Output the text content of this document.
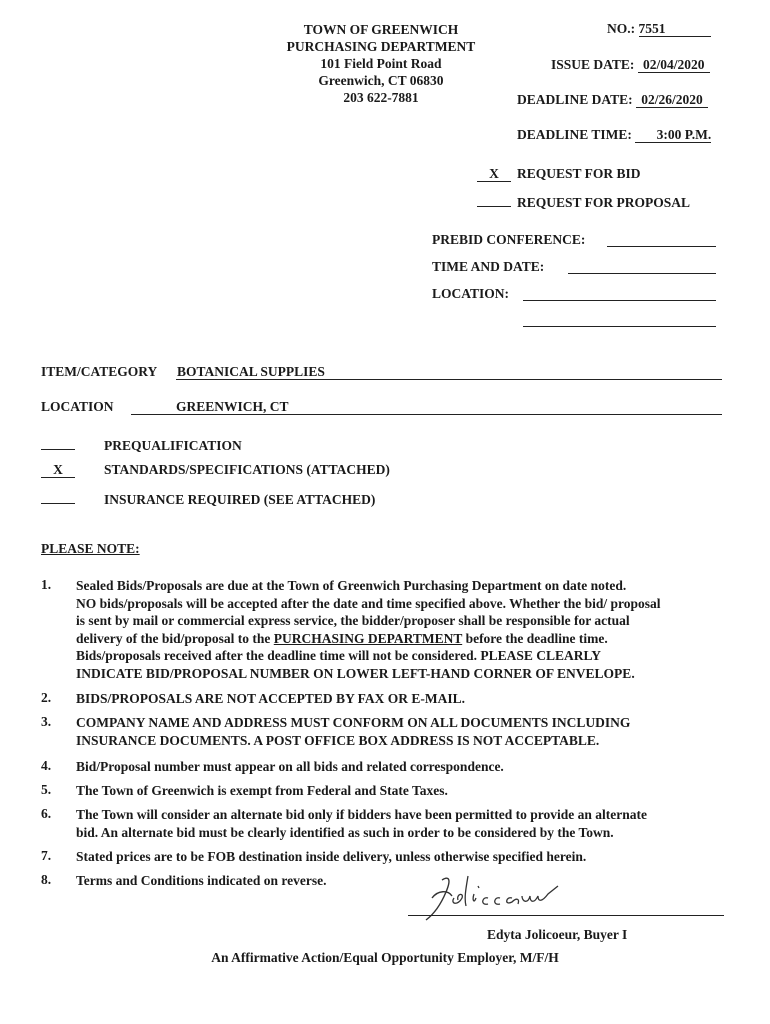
TOWN OF GREENWICH
PURCHASING DEPARTMENT
101 Field Point Road
Greenwich, CT 06830
203 622-7881
NO.: 7551
ISSUE DATE: 02/04/2020
DEADLINE DATE: 02/26/2020
DEADLINE TIME: 3:00 P.M.
X REQUEST FOR BID
REQUEST FOR PROPOSAL
PREBID CONFERENCE:
TIME AND DATE:
LOCATION:
ITEM/CATEGORY BOTANICAL SUPPLIES
LOCATION	GREENWICH, CT
PREQUALIFICATION
X	STANDARDS/SPECIFICATIONS (ATTACHED)
INSURANCE REQUIRED (SEE ATTACHED)
PLEASE NOTE:
1. Sealed Bids/Proposals are due at the Town of Greenwich Purchasing Department on date noted.
NO bids/proposals will be accepted after the date and time specified above. Whether the bid/ proposal
is sent by mail or commercial express service, the bidder/proposer shall be responsible for actual
delivery of the bid/proposal to the PURCHASING DEPARTMENT before the deadline time.
Bids/proposals received after the deadline time will not be considered. PLEASE CLEARLY
INDICATE BID/PROPOSAL NUMBER ON LOWER LEFT-HAND CORNER OF ENVELOPE.
2. BIDS/PROPOSALS ARE NOT ACCEPTED BY FAX OR E-MAIL.
3. COMPANY NAME AND ADDRESS MUST CONFORM ON ALL DOCUMENTS INCLUDING
INSURANCE DOCUMENTS. A POST OFFICE BOX ADDRESS IS NOT ACCEPTABLE.
4. Bid/Proposal number must appear on all bids and related correspondence.
5. The Town of Greenwich is exempt from Federal and State Taxes.
6. The Town will consider an alternate bid only if bidders have been permitted to provide an alternate
bid. An alternate bid must be clearly identified as such in order to be considered by the Town.
7. Stated prices are to be FOB destination inside delivery, unless otherwise specified herein.
8. Terms and Conditions indicated on reverse.
Edyta Jolicoeur, Buyer I
An Affirmative Action/Equal Opportunity Employer, M/F/H
